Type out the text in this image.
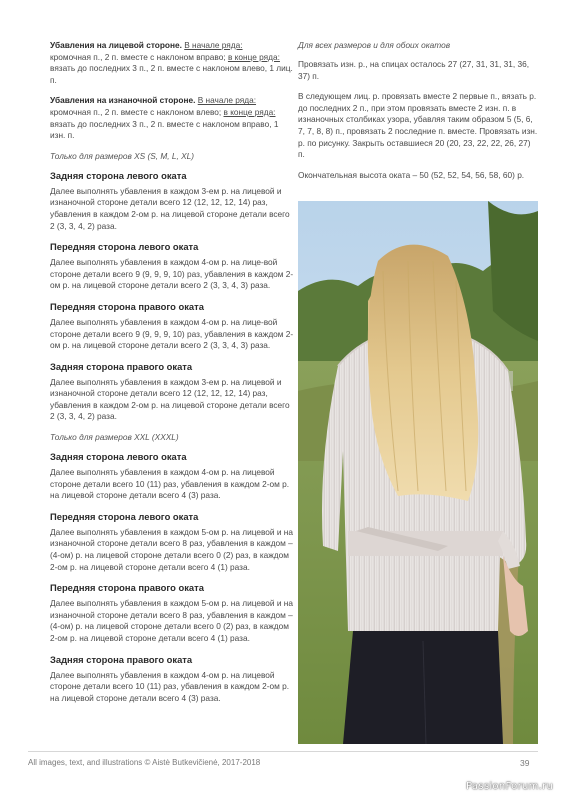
Убавления на лицевой стороне. В начале ряда:
кромочная п., 2 п. вместе с наклоном вправо; в конце ряда: вязать до последних 3 п., 2 п. вместе с наклоном влево, 1 лиц. п.

Убавления на изнаночной стороне. В начале ряда:
кромочная п., 2 п. вместе с наклоном влево; в конце ряда: вязать до последних 3 п., 2 п. вместе с наклоном вправо, 1 изн. п.

Только для размеров XS (S, M, L, XL)

Задняя сторона левого оката

Далее выполнять убавления в каждом 3-ем р. на лицевой и изнаночной стороне детали всего 12 (12, 12, 12, 14) раз, убавления в каждом 2-ом р. на лицевой стороне детали всего 2 (3, 3, 4, 2) раза.

Передняя сторона левого оката

Далее выполнять убавления в каждом 4-ом р. на лице-вой стороне детали всего 9 (9, 9, 9, 10) раз, убавления в каждом 2-ом р. на лицевой стороне детали всего 2 (3, 3, 4, 3) раза.

Передняя сторона правого оката

Далее выполнять убавления в каждом 4-ом р. на лице-вой стороне детали всего 9 (9, 9, 9, 10) раз, убавления в каждом 2-ом р. на лицевой стороне детали всего 2 (3, 3, 4, 3) раза.

Задняя сторона правого оката

Далее выполнять убавления в каждом 3-ем р. на лицевой и изнаночной стороне детали всего 12 (12, 12, 12, 14) раз, убавления в каждом 2-ом р. на лицевой стороне детали всего 2 (3, 3, 4, 2) раза.

Только для размеров XXL (XXXL)

Задняя сторона левого оката

Далее выполнять убавления в каждом 4-ом р. на лицевой стороне детали всего 10 (11) раз, убавления в каждом 2-ом р. на лицевой стороне детали всего 4 (3) раза.

Передняя сторона левого оката

Далее выполнять убавления в каждом 5-ом р. на лицевой и на изнаночной стороне детали всего 8 раз, убавления в каждом – (4-ом) р. на лицевой стороне детали всего 0 (2) раз, в каждом 2-ом р. на лицевой стороне детали всего 4 (1) раза.

Передняя сторона правого оката

Далее выполнять убавления в каждом 5-ом р. на лицевой и на изнаночной стороне детали всего 8 раз, убавления в каждом – (4-ом) р. на лицевой стороне детали всего 0 (2) раз, в каждом 2-ом р. на лицевой стороне детали всего 4 (1) раза.

Задняя сторона правого оката

Далее выполнять убавления в каждом 4-ом р. на лицевой стороне детали всего 10 (11) раз, убавления в каждом 2-ом р. на лицевой стороне детали всего 4 (3) раза.

Для всех размеров и для обоих окатов

Провязать изн. р., на спицах осталось 27 (27, 31, 31, 31, 36, 37) п.

В следующем лиц. р. провязать вместе 2 первые п., вязать р. до последних 2 п., при этом провязать вместе 2 изн. п. в изнаночных столбиках узора, убавляя таким образом 5 (5, 6, 7, 7, 8, 8) п., провязать 2 последние п. вместе. Провязать изн. р. по рисунку. Закрыть оставшиеся 20 (20, 23, 22, 22, 26, 27) п.

Окончательная высота оката – 50 (52, 52, 54, 56, 58, 60) р.

All images, text, and illustrations © Aistė Butkevičienė, 2017-2018	39
PassionForum.ru
